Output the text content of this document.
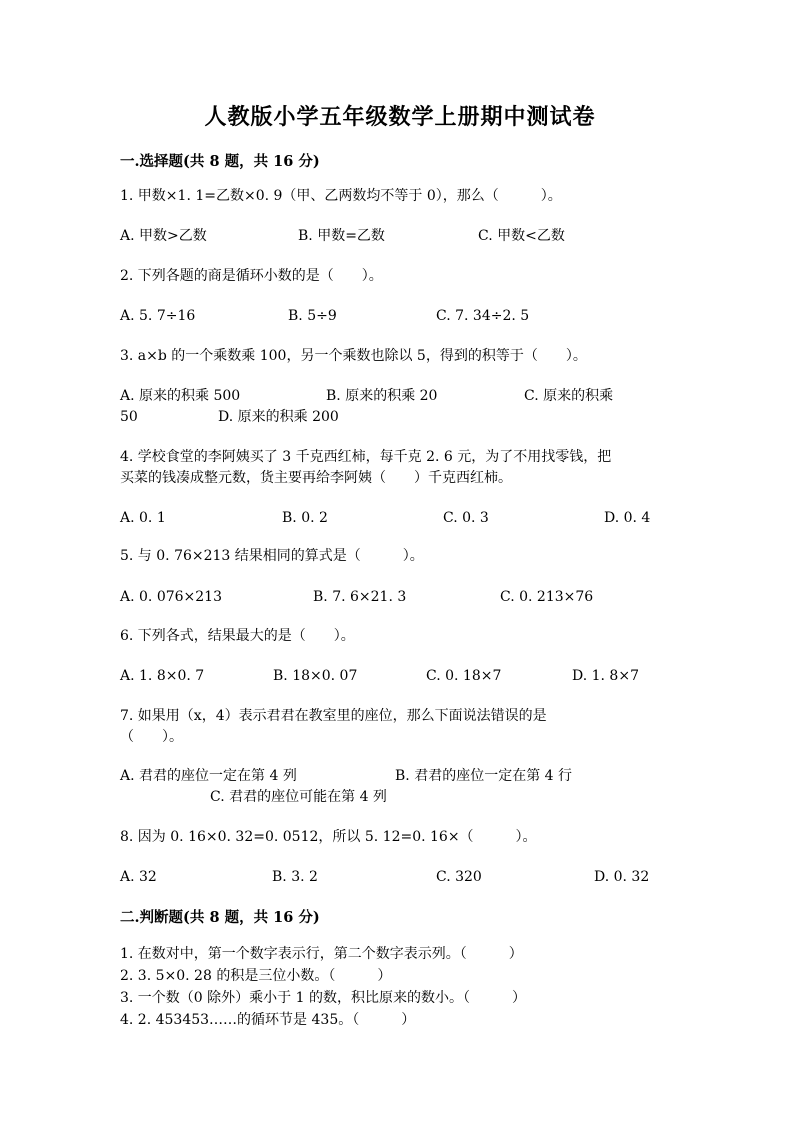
人教版小学五年级数学上册期中测试卷
一.选择题(共 8 题，共 16 分)
1. 甲数×1. 1=乙数×0. 9（甲、乙两数均不等于 0），那么（　　　）。
A. 甲数>乙数	B. 甲数=乙数	C. 甲数<乙数
2. 下列各题的商是循环小数的是（　　）。
A. 5. 7÷16	B. 5÷9	C. 7. 34÷2. 5
3. a×b 的一个乘数乘 100，另一个乘数也除以 5，得到的积等于（　　）。
A. 原来的积乘 500	B. 原来的积乘 20	C. 原来的积乘
50	D. 原来的积乘 200
4. 学校食堂的李阿姨买了 3 千克西红柿，每千克 2. 6 元，为了不用找零钱，把
买菜的钱凑成整元数，货主要再给李阿姨（　　）千克西红柿。
A. 0. 1	B. 0. 2	C. 0. 3	D. 0. 4
5. 与 0. 76×213 结果相同的算式是（　　　）。
A. 0. 076×213	B. 7. 6×21. 3	C. 0. 213×76
6. 下列各式，结果最大的是（　　）。
A. 1. 8×0. 7	B. 18×0. 07	C. 0. 18×7	D. 1. 8×7
7. 如果用（x，4）表示君君在教室里的座位，那么下面说法错误的是
（　　）。
A. 君君的座位一定在第 4 列	B. 君君的座位一定在第 4 行
C. 君君的座位可能在第 4 列
8. 因为 0. 16×0. 32=0. 0512，所以 5. 12=0. 16×（　　　）。
A. 32	B. 3. 2	C. 320	D. 0. 32
二.判断题(共 8 题，共 16 分)
1. 在数对中，第一个数字表示行，第二个数字表示列。（　　　）
2. 3. 5×0. 28 的积是三位小数。（　　　）
3. 一个数（0 除外）乘小于 1 的数，积比原来的数小。（　　　）
4. 2. 453453……的循环节是 435。（　　　）
